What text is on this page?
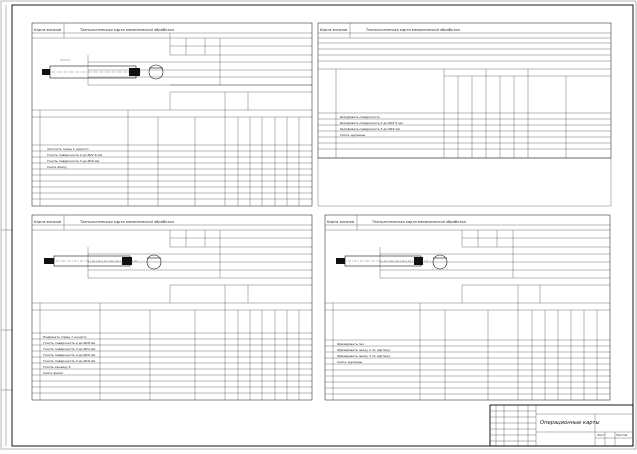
Карта эскизов	Технологическая карта механической обработки
Заточить торец 1 начисто
Точить поверхность 2 до Ø22.6 мм
Точить поверхность 3 до Ø16 мм
Снять фаску
Карта эскизов	Технологическая карта механической обработки
Шлифовать поверхность
Шлифовать поверхность 2 до Ø22.5 мм
Шлифовать поверхность 3 до Ø16 мм
Снять заусенцы
Карта эскизов	Технологическая карта механической обработки
Подрезать торец 1 начисто
Точить поверхность 2 до Ø28 мм
Точить поверхность 3 до Ø24 мм
Точить поверхность 4 до Ø20 мм
Точить поверхность 5 до Ø16 мм
Точить канавку 6
Снять фаски
Карта эскизов	Технологическая карта механической обработки
Фрезеровать паз
Фрезеровать лыску 2 по чертежу
Фрезеровать лыску 3 по чертежу
Снять заусенцы
Операционные карты
Лист	Листов
